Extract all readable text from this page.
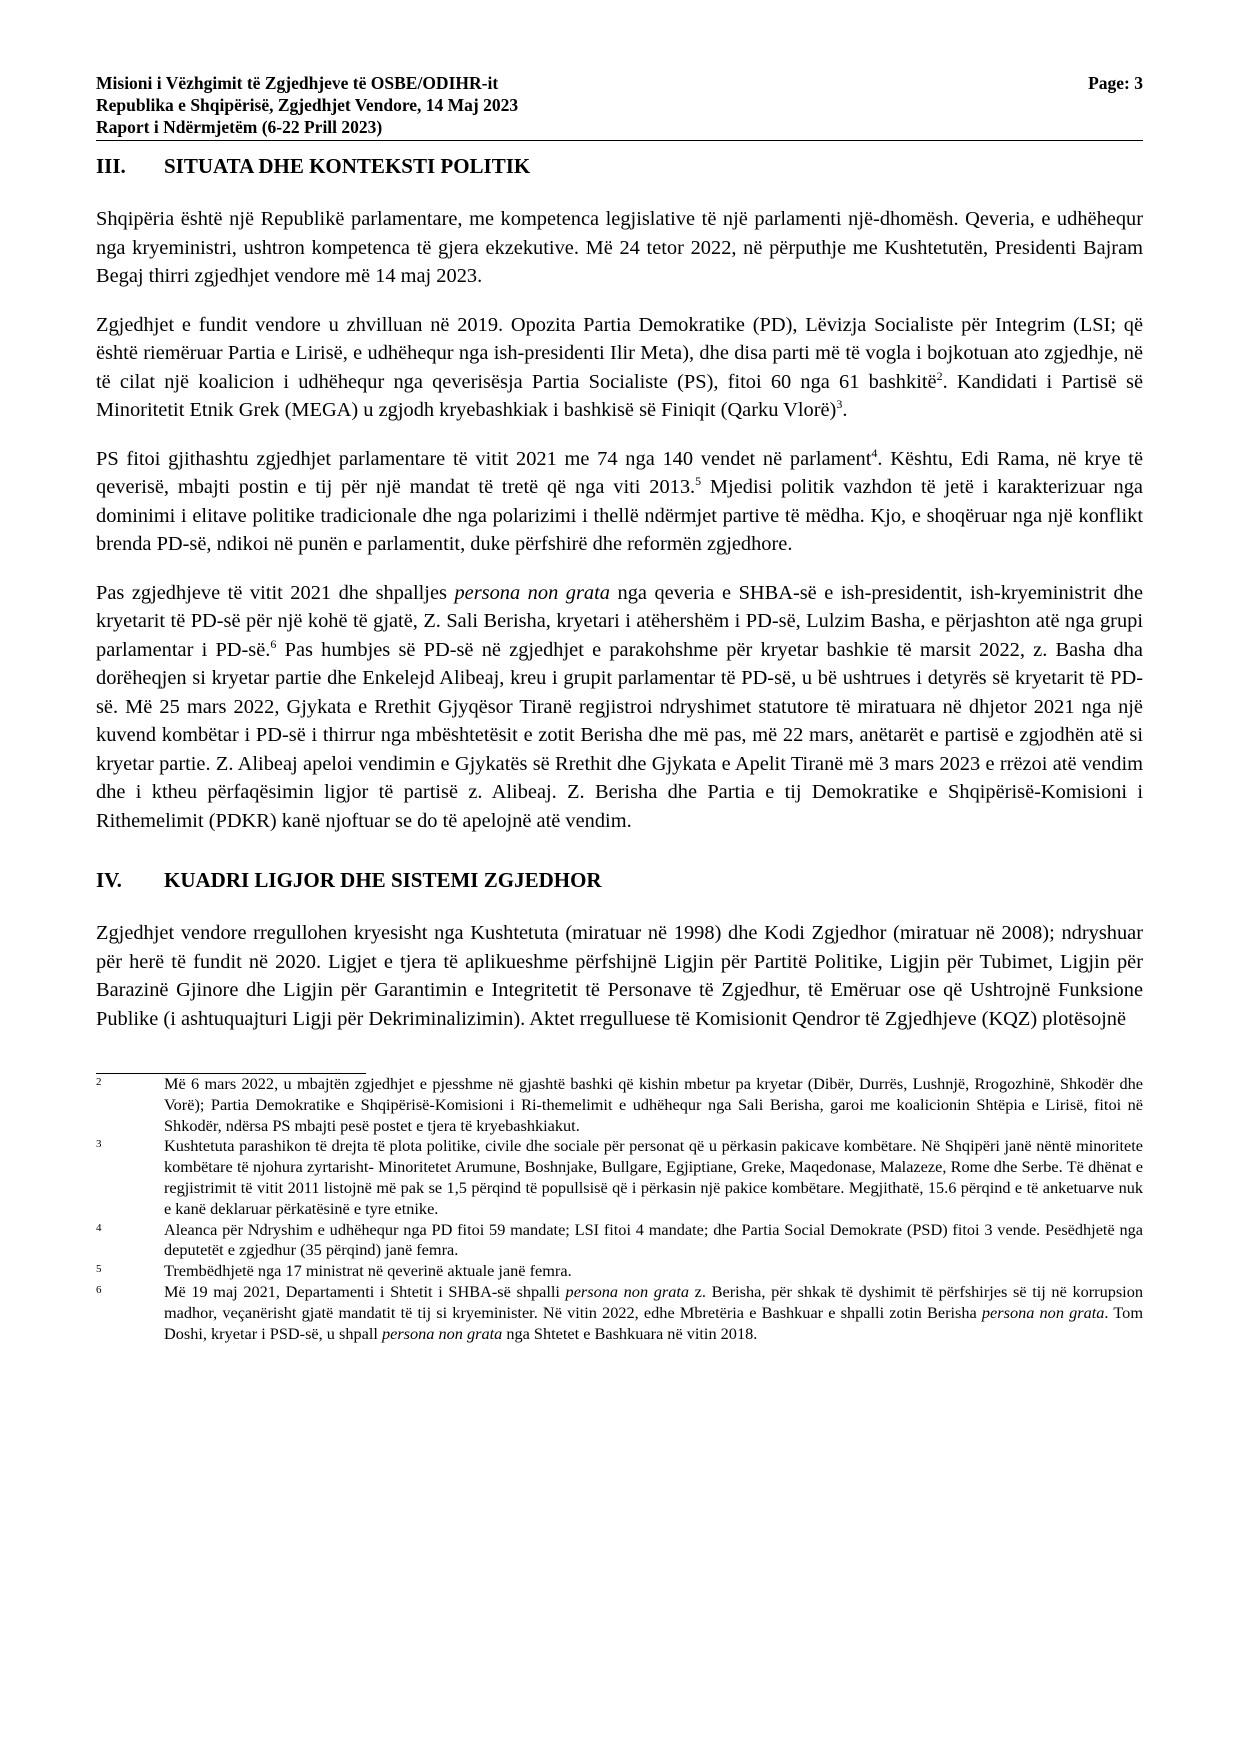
Misioni i Vëzhgimit të Zgjedhjeve të OSBE/ODIHR-it
Republika e Shqipërisë, Zgjedhjet Vendore, 14 Maj 2023
Raport i Ndërmjetëm (6-22 Prill 2023)
Page: 3
III. SITUATA DHE KONTEKSTI POLITIK

Shqipëria është një Republikë parlamentare, me kompetenca legjislative të një parlamenti një-dhomësh. Qeveria, e udhëhequr nga kryeministri, ushtron kompetenca të gjera ekzekutive. Më 24 tetor 2022, në përputhje me Kushtetutën, Presidenti Bajram Begaj thirri zgjedhjet vendore më 14 maj 2023.

Zgjedhjet e fundit vendore u zhvilluan në 2019. Opozita Partia Demokratike (PD), Lëvizja Socialiste për Integrim (LSI; që është riemëruar Partia e Lirisë, e udhëhequr nga ish-presidenti Ilir Meta), dhe disa parti më të vogla i bojkotuan ato zgjedhje, në të cilat një koalicion i udhëhequr nga qeverisësja Partia Socialiste (PS), fitoi 60 nga 61 bashkitë$^2$. Kandidati i Partisë së Minoritetit Etnik Grek (MEGA) u zgjodh kryebashkiak i bashkisë së Finiqit (Qarku Vlorë)$^3$.

PS fitoi gjithashtu zgjedhjet parlamentare të vitit 2021 me 74 nga 140 vendet në parlament$^4$. Kështu, Edi Rama, në krye të qeverisë, mbajti postin e tij për një mandat të tretë që nga viti 2013.$^5$ Mjedisi politik vazhdon të jetë i karakterizuar nga dominimi i elitave politike tradicionale dhe nga polarizimi i thellë ndërmjet partive të mëdha. Kjo, e shoqëruar nga një konflikt brenda PD-së, ndikoi në punën e parlamentit, duke përfshirë dhe reformën zgjedhore.

Pas zgjedhjeve të vitit 2021 dhe shpalljes persona non grata nga qeveria e SHBA-së e ish-presidentit, ish-kryeministrit dhe kryetarit të PD-së për një kohë të gjatë, Z. Sali Berisha, kryetari i atëhershëm i PD-së, Lulzim Basha, e përjashton atë nga grupi parlamentar i PD-së.$^6$ Pas humbjes së PD-së në zgjedhjet e parakohshme për kryetar bashkie të marsit 2022, z. Basha dha dorëheqjen si kryetar partie dhe Enkelejd Alibeaj, kreu i grupit parlamentar të PD-së, u bë ushtrues i detyrës së kryetarit të PD-së. Më 25 mars 2022, Gjykata e Rrethit Gjyqësor Tiranë regjistroi ndryshimet statutore të miratuara në dhjetor 2021 nga një kuvend kombëtar i PD-së i thirrur nga mbështetësit e zotit Berisha dhe më pas, më 22 mars, anëtarët e partisë e zgjodhën atë si kryetar partie. Z. Alibeaj apeloi vendimin e Gjykatës së Rrethit dhe Gjykata e Apelit Tiranë më 3 mars 2023 e rrëzoi atë vendim dhe i ktheu përfaqësimin ligjor të partisë z. Alibeaj. Z. Berisha dhe Partia e tij Demokratike e Shqipërisë-Komisioni i Rithemelimit (PDKR) kanë njoftuar se do të apelojnë atë vendim.

IV. KUADRI LIGJOR DHE SISTEMI ZGJEDHOR

Zgjedhjet vendore rregullohen kryesisht nga Kushtetuta (miratuar në 1998) dhe Kodi Zgjedhor (miratuar në 2008); ndryshuar për herë të fundit në 2020. Ligjet e tjera të aplikueshme përfshijnë Ligjin për Partitë Politike, Ligjin për Tubimet, Ligjin për Barazinë Gjinore dhe Ligjin për Garantimin e Integritetit të Personave të Zgjedhur, të Emëruar ose që Ushtrojnë Funksione Publike (i ashtuquajturi Ligji për Dekriminalizimin). Aktet rregulluese të Komisionit Qendror të Zgjedhjeve (KQZ) plotësojnë

2	Më 6 mars 2022, u mbajtën zgjedhjet e pjesshme në gjashtë bashki që kishin mbetur pa kryetar (Dibër, Durrës, Lushnjë, Rrogozhinë, Shkodër dhe Vorë); Partia Demokratike e Shqipërisë-Komisioni i Ri-themelimit e udhëhequr nga Sali Berisha, garoi me koalicionin Shtëpia e Lirisë, fitoi në Shkodër, ndërsa PS mbajti pesë postet e tjera të kryebashkiakut.
3	Kushtetuta parashikon të drejta të plota politike, civile dhe sociale për personat që u përkasin pakicave kombëtare. Në Shqipëri janë nëntë minoritete kombëtare të njohura zyrtarisht- Minoritetet Arumune, Boshnjake, Bullgare, Egjiptiane, Greke, Maqedonase, Malazeze, Rome dhe Serbe. Të dhënat e regjistrimit të vitit 2011 listojnë më pak se 1,5 përqind të popullsisë që i përkasin një pakice kombëtare. Megjithatë, 15.6 përqind e të anketuarve nuk e kanë deklaruar përkatësinë e tyre etnike.
4	Aleanca për Ndryshim e udhëhequr nga PD fitoi 59 mandate; LSI fitoi 4 mandate; dhe Partia Social Demokrate (PSD) fitoi 3 vende. Pesëdhjetë nga deputetët e zgjedhur (35 përqind) janë femra.
5	Trembëdhjetë nga 17 ministrat në qeverinë aktuale janë femra.
6	Më 19 maj 2021, Departamenti i Shtetit i SHBA-së shpalli persona non grata z. Berisha, për shkak të dyshimit të përfshirjes së tij në korrupsion madhor, veçanërisht gjatë mandatit të tij si kryeminister. Në vitin 2022, edhe Mbretëria e Bashkuar e shpalli zotin Berisha persona non grata. Tom Doshi, kryetar i PSD-së, u shpall persona non grata nga Shtetet e Bashkuara në vitin 2018.
